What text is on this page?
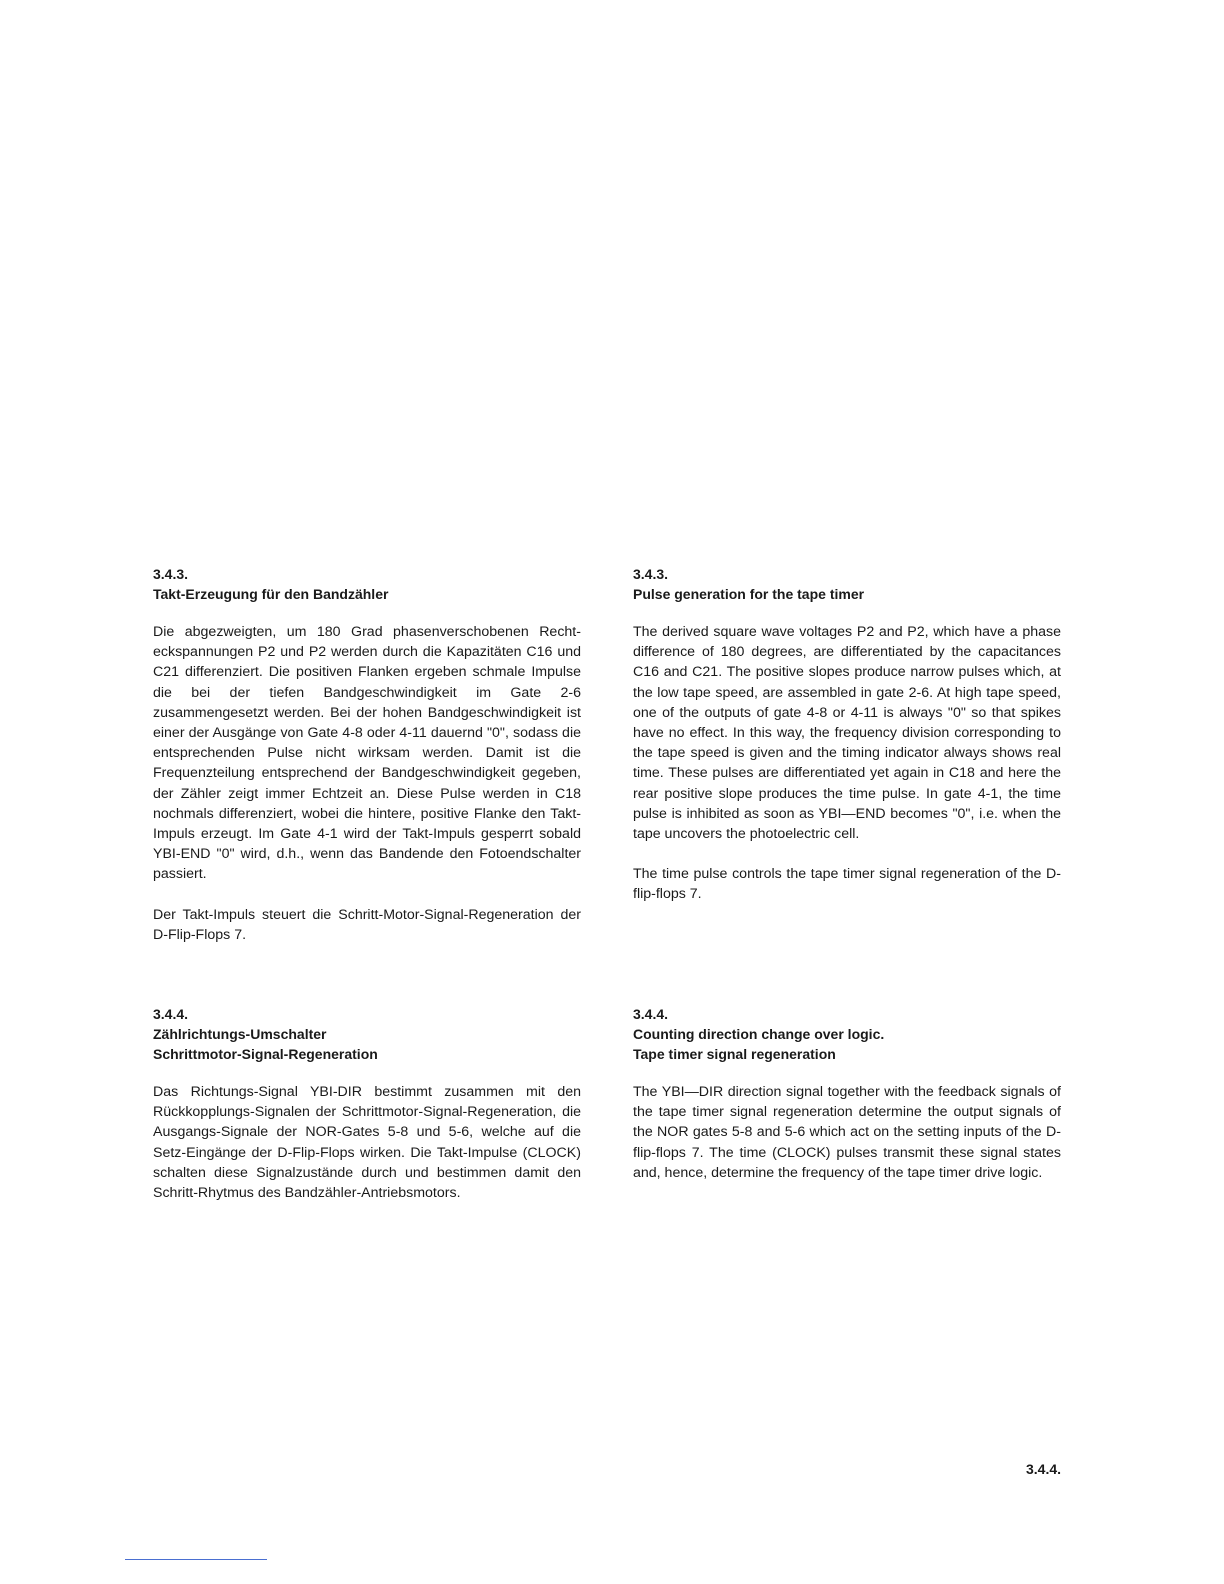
3.4.3.

Takt-Erzeugung für den Bandzähler

Die abgezweigten, um 180 Grad phasenverschobenen Rechteckspannungen P2 und P2 werden durch die Kapazitäten C16 und C21 differenziert. Die positiven Flanken ergeben schmale Impulse die bei der tiefen Bandgeschwindigkeit im Gate 2-6 zusammengesetzt werden. Bei der hohen Bandgeschwindigkeit ist einer der Ausgänge von Gate 4-8 oder 4-11 dauernd "0", sodass die entsprechenden Pulse nicht wirksam werden. Damit ist die Frequenzteilung entsprechend der Bandgeschwindigkeit gegeben, der Zähler zeigt immer Echtzeit an. Diese Pulse werden in C18 nochmals differenziert, wobei die hintere, positive Flanke den Takt-Impuls erzeugt. Im Gate 4-1 wird der Takt-Impuls gesperrt sobald YBI-END "0" wird, d.h., wenn das Bandende den Fotoendschalter passiert.

Der Takt-Impuls steuert die Schritt-Motor-Signal-Regeneration der D-Flip-Flops 7.

3.4.3.

Pulse generation for the tape timer

The derived square wave voltages P2 and P2, which have a phase difference of 180 degrees, are differentiated by the capacitances C16 and C21. The positive slopes produce narrow pulses which, at the low tape speed, are assembled in gate 2-6. At high tape speed, one of the outputs of gate 4-8 or 4-11 is always "0" so that spikes have no effect. In this way, the frequency division corresponding to the tape speed is given and the timing indicator always shows real time. These pulses are differentiated yet again in C18 and here the rear positive slope produces the time pulse. In gate 4-1, the time pulse is inhibited as soon as YBI—END becomes "0", i.e. when the tape uncovers the photoelectric cell.

The time pulse controls the tape timer signal regeneration of the D-flip-flops 7.

3.4.4.

Zählrichtungs-Umschalter
Schrittmotor-Signal-Regeneration

Das Richtungs-Signal YBI-DIR bestimmt zusammen mit den Rückkopplungs-Signalen der Schrittmotor-Signal-Regeneration, die Ausgangs-Signale der NOR-Gates 5-8 und 5-6, welche auf die Setz-Eingänge der D-Flip-Flops wirken. Die Takt-Impulse (CLOCK) schalten diese Signalzustände durch und bestimmen damit den Schritt-Rhytmus des Bandzähler-Antriebsmotors.

3.4.4.

Counting direction change over logic.
Tape timer signal regeneration

The YBI—DIR direction signal together with the feedback signals of the tape timer signal regeneration determine the output signals of the NOR gates 5-8 and 5-6 which act on the setting inputs of the D-flip-flops 7. The time (CLOCK) pulses transmit these signal states and, hence, determine the frequency of the tape timer drive logic.

3.4.4.
